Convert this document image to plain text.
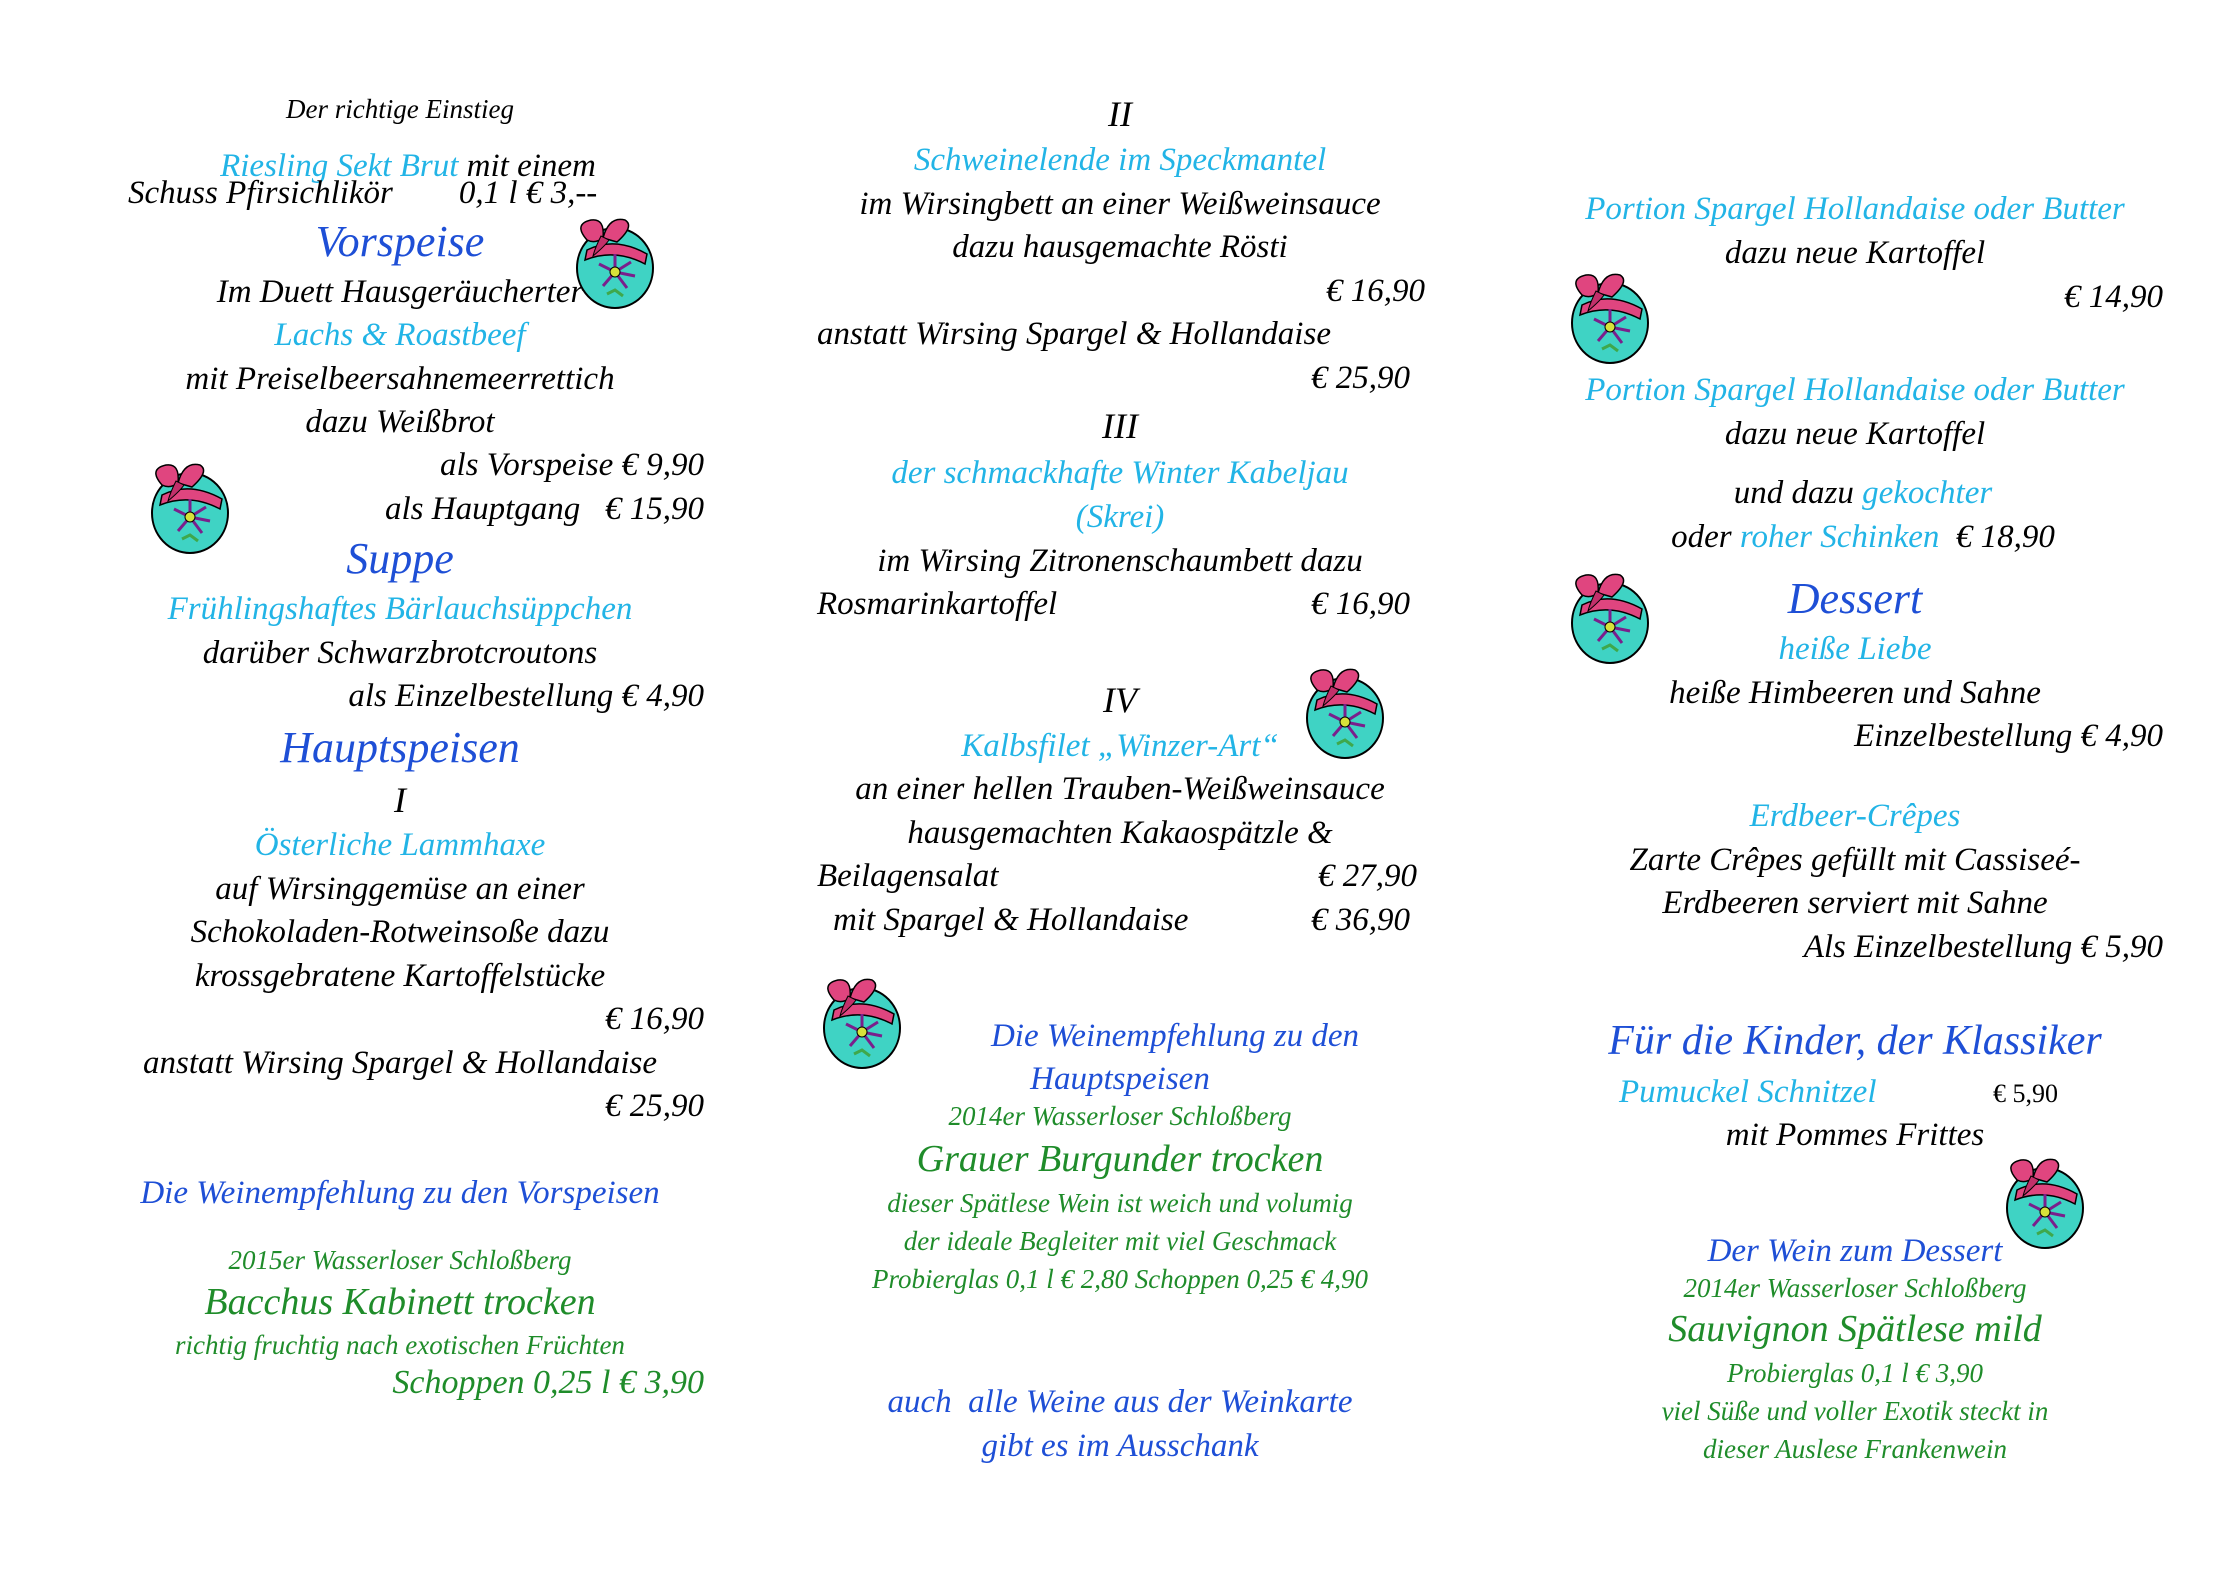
Der richtige Einstieg

Riesling Sekt Brut mit einem

Schuss Pfirsichlikör        0,1 l € 3,--
Vorspeise
Im Duett Hausgeräucherter
Lachs & Roastbeef
mit Preiselbeersahnemeerrettich
dazu Weißbrot
als Vorspeise € 9,90
als Hauptgang   € 15,90
Suppe
Frühlingshaftes Bärlauchsüppchen
darüber Schwarzbrotcroutons
als Einzelbestellung € 4,90
Hauptspeisen
I
Österliche Lammhaxe
auf Wirsinggemüse an einer
Schokoladen-Rotweinsoße dazu
krossgebratene Kartoffelstücke
€ 16,90
anstatt Wirsing Spargel & Hollandaise
€ 25,90
Die Weinempfehlung zu den Vorspeisen
2015er Wasserloser Schloßberg
Bacchus Kabinett trocken
richtig fruchtig nach exotischen Früchten
Schoppen 0,25 l € 3,90
II
Schweinelende im Speckmantel
im Wirsingbett an einer Weißweinsauce
dazu hausgemachte Rösti
€ 16,90
anstatt Wirsing Spargel & Hollandaise
€ 25,90
III
der schmackhafte Winter Kabeljau
(Skrei)
im Wirsing Zitronenschaumbett dazu
Rosmarinkartoffel	€ 16,90
IV
Kalbsfilet „Winzer-Art“
an einer hellen Trauben-Weißweinsauce
hausgemachten Kakaospätzle &
Beilagensalat	€ 27,90
mit Spargel & Hollandaise	€ 36,90
Die Weinempfehlung zu den
Hauptspeisen
2014er Wasserloser Schloßberg
Grauer Burgunder trocken
dieser Spätlese Wein ist weich und volumig
der ideale Begleiter mit viel Geschmack
Probierglas 0,1 l € 2,80 Schoppen 0,25 € 4,90
auch  alle Weine aus der Weinkarte
gibt es im Ausschank
Portion Spargel Hollandaise oder Butter
dazu neue Kartoffel
€ 14,90
Portion Spargel Hollandaise oder Butter
dazu neue Kartoffel

und dazu gekochter

oder roher Schinken  € 18,90

Dessert
heiße Liebe
heiße Himbeeren und Sahne
Einzelbestellung € 4,90
Erdbeer-Crêpes
Zarte Crêpes gefüllt mit Cassiseé-
Erdbeeren serviert mit Sahne
Als Einzelbestellung € 5,90
Für die Kinder, der Klassiker
Pumuckel Schnitzel	€ 5,90
mit Pommes Frittes
Der Wein zum Dessert
2014er Wasserloser Schloßberg
Sauvignon Spätlese mild
Probierglas 0,1 l € 3,90
viel Süße und voller Exotik steckt in
dieser Auslese Frankenwein
